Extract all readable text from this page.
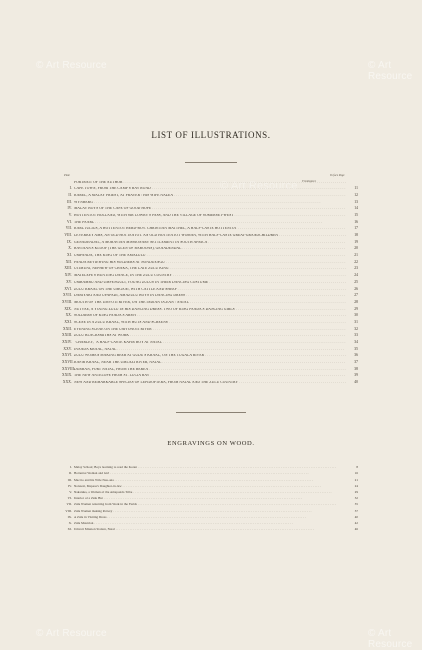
© Art Resource	© Art Resource
© Art Resource	© Art Resource
© Art Resource
LIST OF ILLUSTRATIONS.
Plate	To face Page
Frontispiece
PORTRAIT OF THE AUTHOR . . .
I. CAPE TOWN, FROM THE CAMP'S BAY ROAD . . .	11
II. KAREL, A MALAY PRIEST, AT PRAYER : HIS WIFE NAZEA . . .	12
III. WYNBERG . . .	13
IV. MALAY BOYS OF THE CAPE OF GOOD HOPE . . .	14
V. HOTTENTOT HOLLAND, WITH SIR LOWRY'S PASS, AND THE VILLAGE OF SOMERSET-WEST . . .	15
VI. THE PAARL . . .	16
VII. KARL JULIUS, A HOTTENTOT HERD-BOY. CHRISTIAN MATTHEL, A HALF-CASTE HOTTENTOT . . .	17
VIII. LEVERKEY AMS, AN OLD HOTTENTOT. AN OLD HOTTENTOT WOMAN, WITH HALF-CASTE GREAT-GRANDCHILDREN . . .	18
IX. GENADENDAL, A MORAVIAN MISSIONARY SETTLEMENT IN SOUTH AFRICA . . .	19
X. BAVIAAN'S KLOOF (THE GLEN OF BABOONS), GENADENDAL . . .	20
XI. UMPANDA, THE KING OF THE AMAZULU . . .	21
XII. PANDA REVIEWING HIS SOLDIERS AT NONDUENGU . . .	22
XIII. UTIMUNI, NEPHEW OF CHAKA, THE LATE ZULU KING . . .	23
XIV. MATELEPE'S HUNTING DANCE, IN THE ZULU COUNTRY . . .	24
XV. UMBAMBU AND UMPENGULI, YOUNG ZULUS IN THEIR DANCING COSTUME . . .	25
XVI. ZULU KRAAL ON THE UMGANI, WITH CATTLE AND SHEEP . . .	26
XVII. DABIYAKI AND UPAPADI, AMAZULU BOYS IN DANCING DRESS . . .	27
XVIII. MOUTH OF THE UMVOTI RIVER, ON THE INDIAN OCEAN : NATAL . . .	28
XIX. NUTYAE, A YOUNG ZULU IN HIS DANCING DRESS. TWO OF KING PANDA'S DANCING GIRLS . . .	29
XX. SOLDIERS OF KING PANDA'S ARMY . . .	30
XXI. SCENE IN A ZULU KRAAL, WITH HUTS AND SCREENS . . .	31
XXII. EVENING SCENE ON THE UMVONOTI RIVER . . .	32
XXIII. ZULU BLACKSMITHS AT WORK . . .	33
XXIV. "CHARLEY," A HALF-CASTE KAFIR BOY AT NATAL . . .	34
XXV. INANDA KRAAL, NATAL . . .	35
XXVI. ZULU WOMEN MAKING BEER AT GUDU'S KRAAL, ON THE TUGALA RIVER . . .	36
XXVII. KAFIR KRAAL, NEAR THE UMLAZI RIVER, NATAL . . .	37
XXVIII. DURBAN, PORT NATAL, FROM THE BEREA . . .	38
XXIX. THE NEW ANTELOPE FROM ST. LUCIA BAY . . .	39
XXX. NEW AND REMARKABLE SPECIES OF LEPIDOPTERA, FROM NATAL AND THE ZULU COUNTRY . . .	40
ENGRAVINGS ON WOOD.
I. Malay School; Boys learning to read the Koran . . .	8
II. Hottentot Woman and Girl . . .	16
III. Maccio and his Wife Nou-ana . . .	21
IV. Nonzezi, Mapesa's Daughter-in-law . . .	24
V. Nakatuka, a Woman of the Amaponda Tribe . . .	29
VI. Interior of a Zulu Hut . . .	32
VII. Zulu Women returning from Work in the Fields . . .	35
VIII. Zulu Women making Pottery . . .	37
IX. A Zulu in Visiting Dress . . .	40
X. Zulu Musician . . .	42
XI. Umvoti Mission Station, Natal . . .	46
